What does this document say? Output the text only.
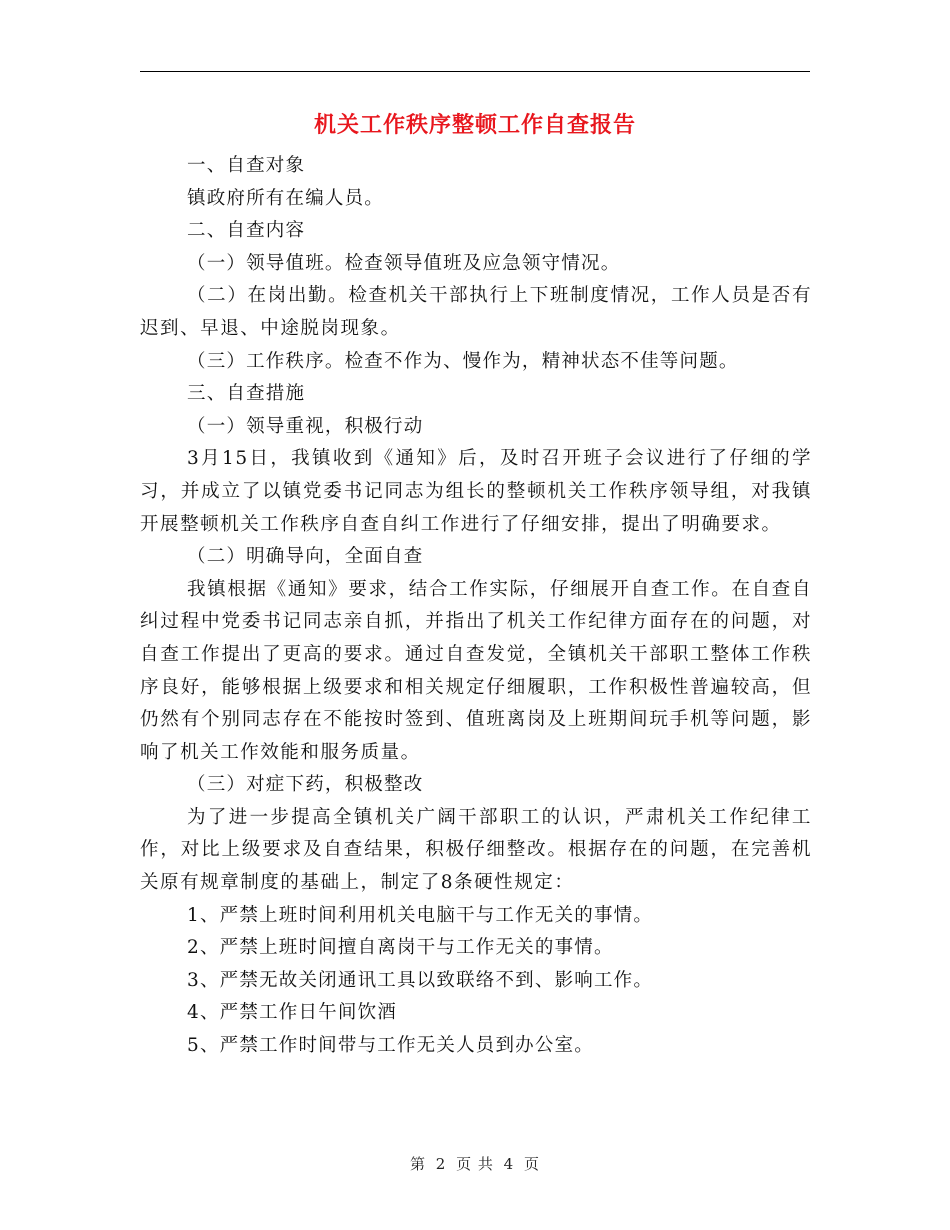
机关工作秩序整顿工作自查报告

一、自查对象

镇政府所有在编人员。

二、自查内容

（一）领导值班。检查领导值班及应急领守情况。

（二）在岗出勤。检查机关干部执行上下班制度情况，工作人员是否有迟到、早退、中途脱岗现象。

（三）工作秩序。检查不作为、慢作为，精神状态不佳等问题。

三、自查措施

（一）领导重视，积极行动

3月15日，我镇收到《通知》后，及时召开班子会议进行了仔细的学习，并成立了以镇党委书记同志为组长的整顿机关工作秩序领导组，对我镇开展整顿机关工作秩序自查自纠工作进行了仔细安排，提出了明确要求。

（二）明确导向，全面自查

我镇根据《通知》要求，结合工作实际，仔细展开自查工作。在自查自纠过程中党委书记同志亲自抓，并指出了机关工作纪律方面存在的问题，对自查工作提出了更高的要求。通过自查发觉，全镇机关干部职工整体工作秩序良好，能够根据上级要求和相关规定仔细履职，工作积极性普遍较高，但仍然有个别同志存在不能按时签到、值班离岗及上班期间玩手机等问题，影响了机关工作效能和服务质量。

（三）对症下药，积极整改

为了进一步提高全镇机关广阔干部职工的认识，严肃机关工作纪律工作，对比上级要求及自查结果，积极仔细整改。根据存在的问题，在完善机关原有规章制度的基础上，制定了8条硬性规定：

1、严禁上班时间利用机关电脑干与工作无关的事情。

2、严禁上班时间擅自离岗干与工作无关的事情。

3、严禁无故关闭通讯工具以致联络不到、影响工作。

4、严禁工作日午间饮酒

5、严禁工作时间带与工作无关人员到办公室。

第 2 页 共 4 页
